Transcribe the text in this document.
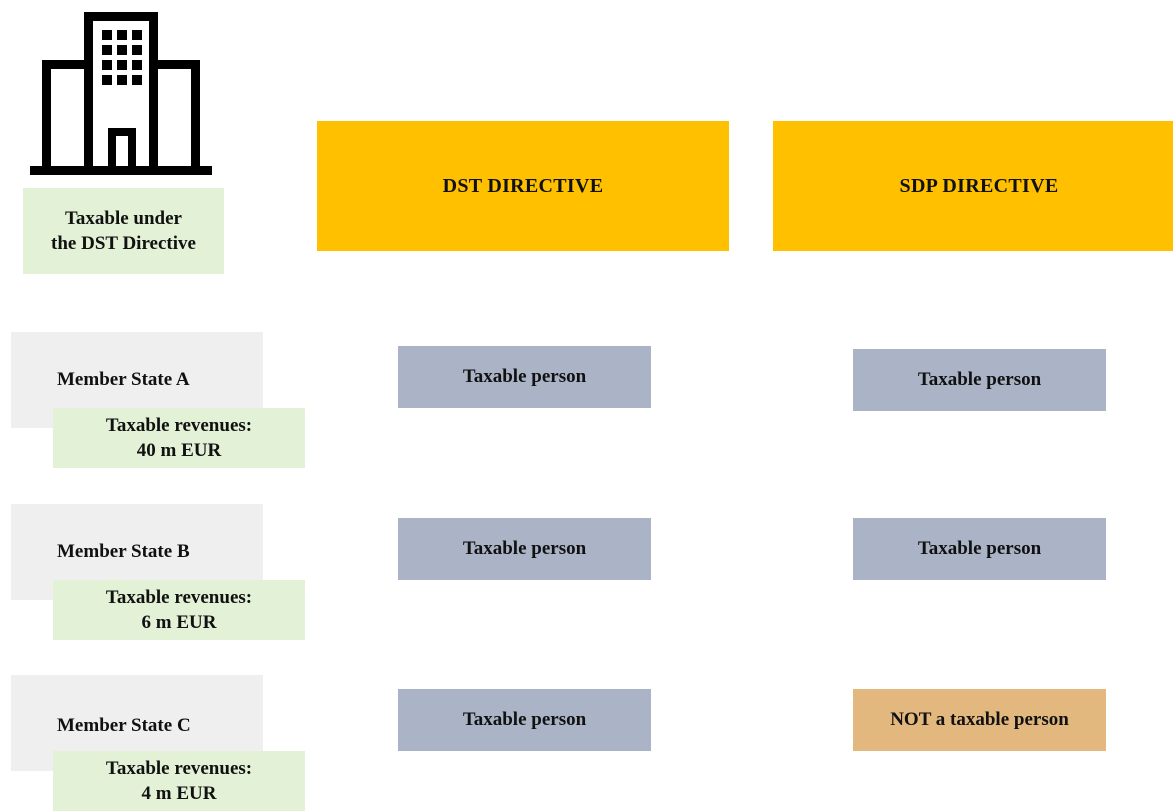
Taxable under
the DST Directive
DST DIRECTIVE	SDP DIRECTIVE
Member State A
Taxable revenues:
40 m EUR
Taxable person	Taxable person
Member State B
Taxable revenues:
6 m EUR
Taxable person	Taxable person
Member State C
Taxable revenues:
4 m EUR
Taxable person	NOT a taxable person
